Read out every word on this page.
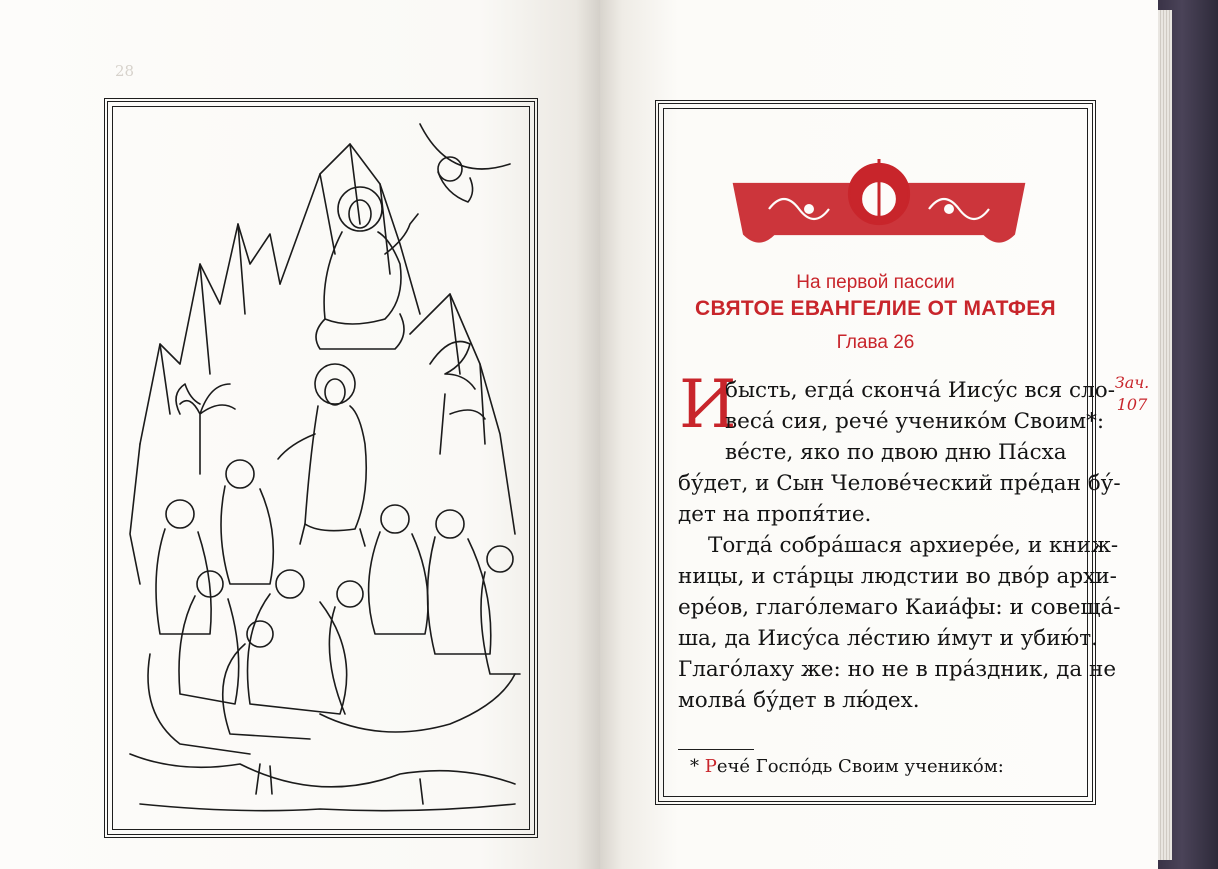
28
На первой пассии
СВЯТОЕ ЕВАНГЕЛИЕ ОТ МАТФЕЯ
Глава 26
И
бысть, егда́ сконча́ Иису́с вся сло-
веса́ сия, рече́ ученико́м Своим*:
ве́сте, яко по двою дню Па́сха
бу́дет, и Сын Челове́ческий пре́дан бу́-
дет на пропя́тие.
Тогда́ собра́шася архиере́е, и книж-
ницы, и ста́рцы людстии во дво́р архи-
ере́ов, глаго́лемаго Каиа́фы: и совеща́-
ша, да Иису́са ле́стию и́мут и убию́т.
Глаго́лаху же: но не в пра́здник, да не
молва́ бу́дет в лю́дех.
* Рече́ Госпо́дь Своим ученико́м:
Зач.
107
